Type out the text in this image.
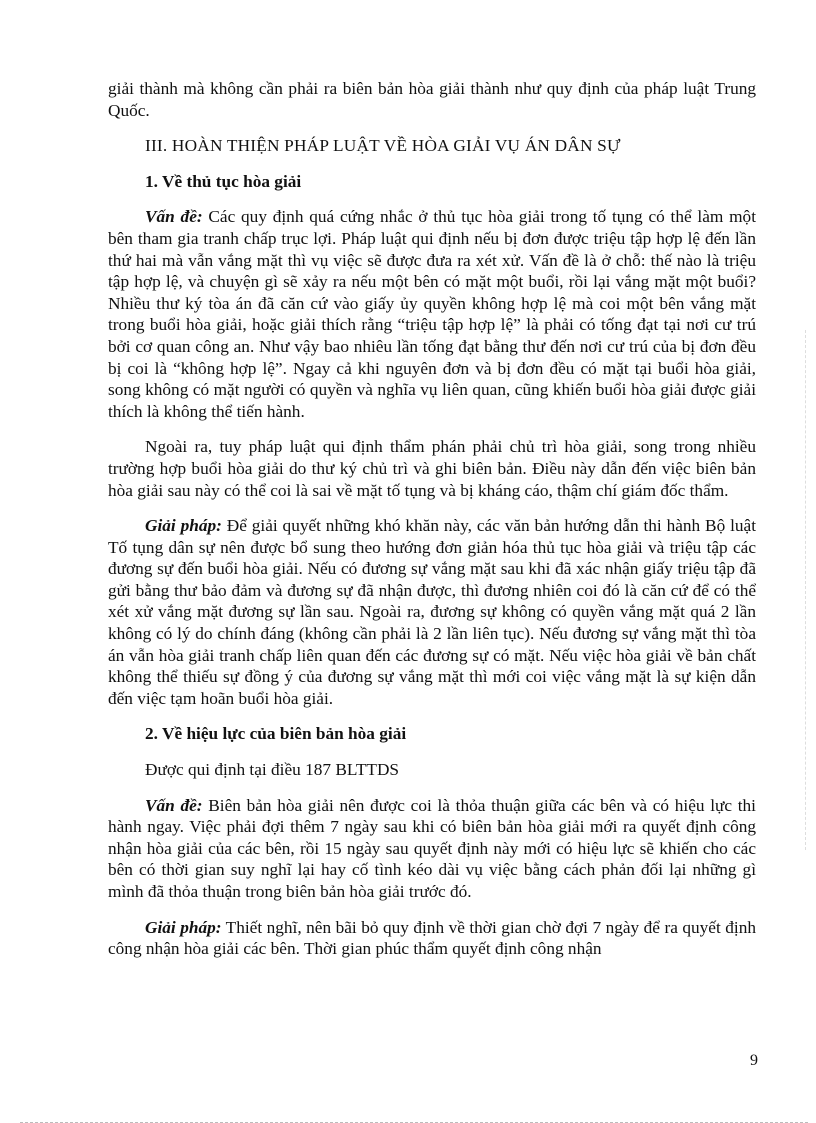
giải thành mà không cần phải ra biên bản hòa giải thành như quy định của pháp luật Trung Quốc.

III. HOÀN THIỆN PHÁP LUẬT VỀ HÒA GIẢI VỤ ÁN DÂN SỰ

1. Về thủ tục hòa giải

Vấn đề: Các quy định quá cứng nhắc ở thủ tục hòa giải trong tố tụng có thể làm một bên tham gia tranh chấp trục lợi. Pháp luật qui định nếu bị đơn được triệu tập hợp lệ đến lần thứ hai mà vẫn vắng mặt thì vụ việc sẽ được đưa ra xét xử. Vấn đề là ở chỗ: thế nào là triệu tập hợp lệ, và chuyện gì sẽ xảy ra nếu một bên có mặt một buổi, rồi lại vắng mặt một buổi? Nhiều thư ký tòa án đã căn cứ vào giấy ủy quyền không hợp lệ mà coi một bên vắng mặt trong buổi hòa giải, hoặc giải thích rằng “triệu tập hợp lệ” là phải có tống đạt tại nơi cư trú bởi cơ quan công an. Như vậy bao nhiêu lần tống đạt bằng thư đến nơi cư trú của bị đơn đều bị coi là “không hợp lệ”. Ngay cả khi nguyên đơn và bị đơn đều có mặt tại buổi hòa giải, song không có mặt người có quyền và nghĩa vụ liên quan, cũng khiến buổi hòa giải được giải thích là không thể tiến hành.

Ngoài ra, tuy pháp luật qui định thẩm phán phải chủ trì hòa giải, song trong nhiều trường hợp buổi hòa giải do thư ký chủ trì và ghi biên bản. Điều này dẫn đến việc biên bản hòa giải sau này có thể coi là sai về mặt tố tụng và bị kháng cáo, thậm chí giám đốc thẩm.

Giải pháp: Để giải quyết những khó khăn này, các văn bản hướng dẫn thi hành Bộ luật Tố tụng dân sự nên được bổ sung theo hướng đơn giản hóa thủ tục hòa giải và triệu tập các đương sự đến buổi hòa giải. Nếu có đương sự vắng mặt sau khi đã xác nhận giấy triệu tập đã gửi bằng thư bảo đảm và đương sự đã nhận được, thì đương nhiên coi đó là căn cứ để có thể xét xử vắng mặt đương sự lần sau. Ngoài ra, đương sự không có quyền vắng mặt quá 2 lần không có lý do chính đáng (không cần phải là 2 lần liên tục). Nếu đương sự vắng mặt thì tòa án vẫn hòa giải tranh chấp liên quan đến các đương sự có mặt. Nếu việc hòa giải về bản chất không thể thiếu sự đồng ý của đương sự vắng mặt thì mới coi việc vắng mặt là sự kiện dẫn đến việc tạm hoãn buổi hòa giải.

2. Về hiệu lực của biên bản hòa giải

Được qui định tại điều 187 BLTTDS

Vấn đề: Biên bản hòa giải nên được coi là thỏa thuận giữa các bên và có hiệu lực thi hành ngay. Việc phải đợi thêm 7 ngày sau khi có biên bản hòa giải mới ra quyết định công nhận hòa giải của các bên, rồi 15 ngày sau quyết định này mới có hiệu lực sẽ khiến cho các bên có thời gian suy nghĩ lại hay cố tình kéo dài vụ việc bằng cách phản đối lại những gì mình đã thỏa thuận trong biên bản hòa giải trước đó.

Giải pháp: Thiết nghĩ, nên bãi bỏ quy định về thời gian chờ đợi 7 ngày để ra quyết định công nhận hòa giải các bên. Thời gian phúc thẩm quyết định công nhận

9
